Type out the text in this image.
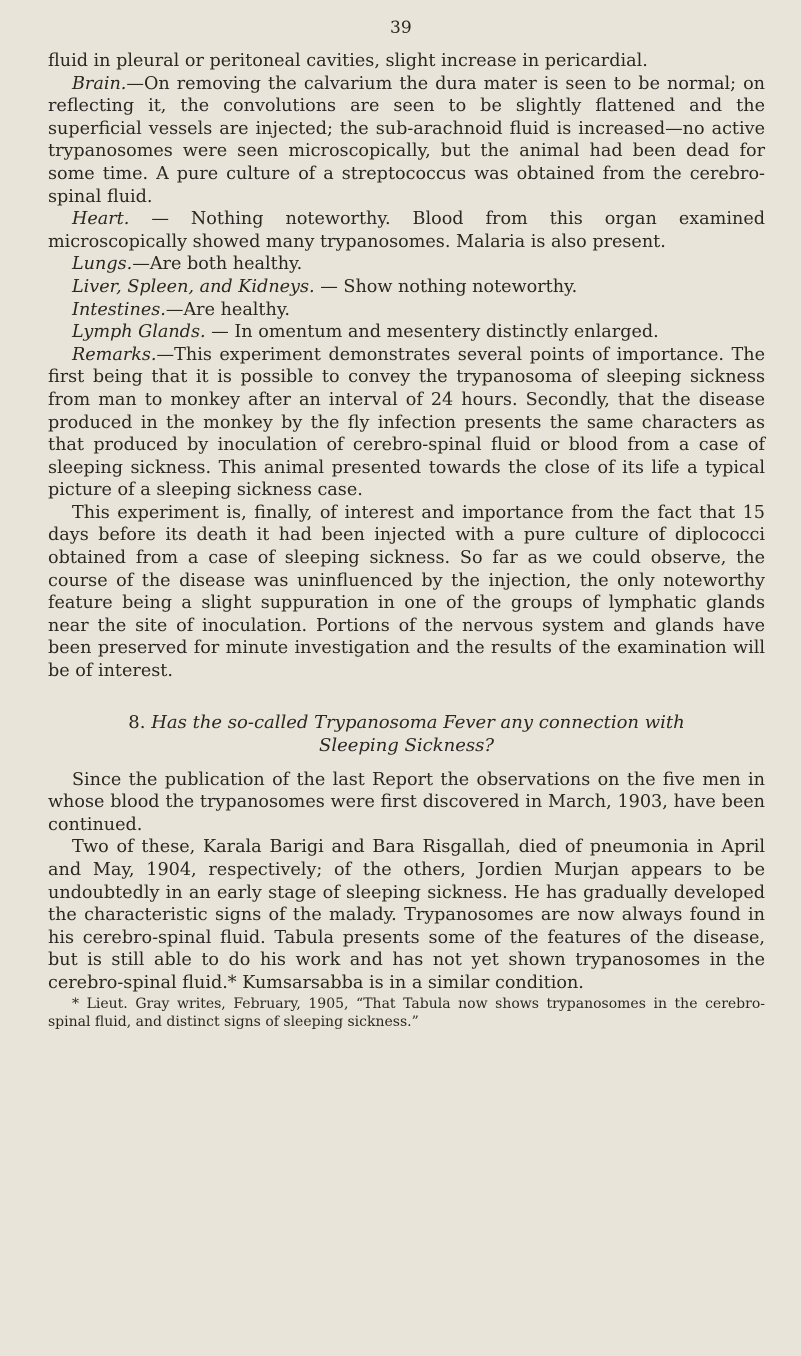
39

fluid in pleural or peritoneal cavities, slight increase in pericardial.

Brain.—On removing the calvarium the dura mater is seen to be normal; on reflecting it, the convolutions are seen to be slightly flattened and the superficial vessels are injected; the sub-arachnoid fluid is increased—no active trypanosomes were seen microscopically, but the animal had been dead for some time. A pure culture of a streptococcus was obtained from the cerebro-spinal fluid.

Heart. — Nothing noteworthy. Blood from this organ examined microscopically showed many trypanosomes. Malaria is also present.

Lungs.—Are both healthy.

Liver, Spleen, and Kidneys. — Show nothing noteworthy.

Intestines.—Are healthy.

Lymph Glands. — In omentum and mesentery distinctly enlarged.

Remarks.—This experiment demonstrates several points of importance. The first being that it is possible to convey the trypanosoma of sleeping sickness from man to monkey after an interval of 24 hours. Secondly, that the disease produced in the monkey by the fly infection presents the same characters as that produced by inoculation of cerebro-spinal fluid or blood from a case of sleeping sickness. This animal presented towards the close of its life a typical picture of a sleeping sickness case.

This experiment is, finally, of interest and importance from the fact that 15 days before its death it had been injected with a pure culture of diplococci obtained from a case of sleeping sickness. So far as we could observe, the course of the disease was uninfluenced by the injection, the only noteworthy feature being a slight suppuration in one of the groups of lymphatic glands near the site of inoculation. Portions of the nervous system and glands have been preserved for minute investigation and the results of the examination will be of interest.

8. Has the so-called Trypanosoma Fever any connection with
Sleeping Sickness?

Since the publication of the last Report the observations on the five men in whose blood the trypanosomes were first discovered in March, 1903, have been continued.

Two of these, Karala Barigi and Bara Risgallah, died of pneumonia in April and May, 1904, respectively; of the others, Jordien Murjan appears to be undoubtedly in an early stage of sleeping sickness. He has gradually developed the characteristic signs of the malady. Trypanosomes are now always found in his cerebro-spinal fluid. Tabula presents some of the features of the disease, but is still able to do his work and has not yet shown trypanosomes in the cerebro-spinal fluid.* Kumsarsabba is in a similar condition.

* Lieut. Gray writes, February, 1905, “That Tabula now shows trypanosomes in the cerebro-spinal fluid, and distinct signs of sleeping sickness.”
